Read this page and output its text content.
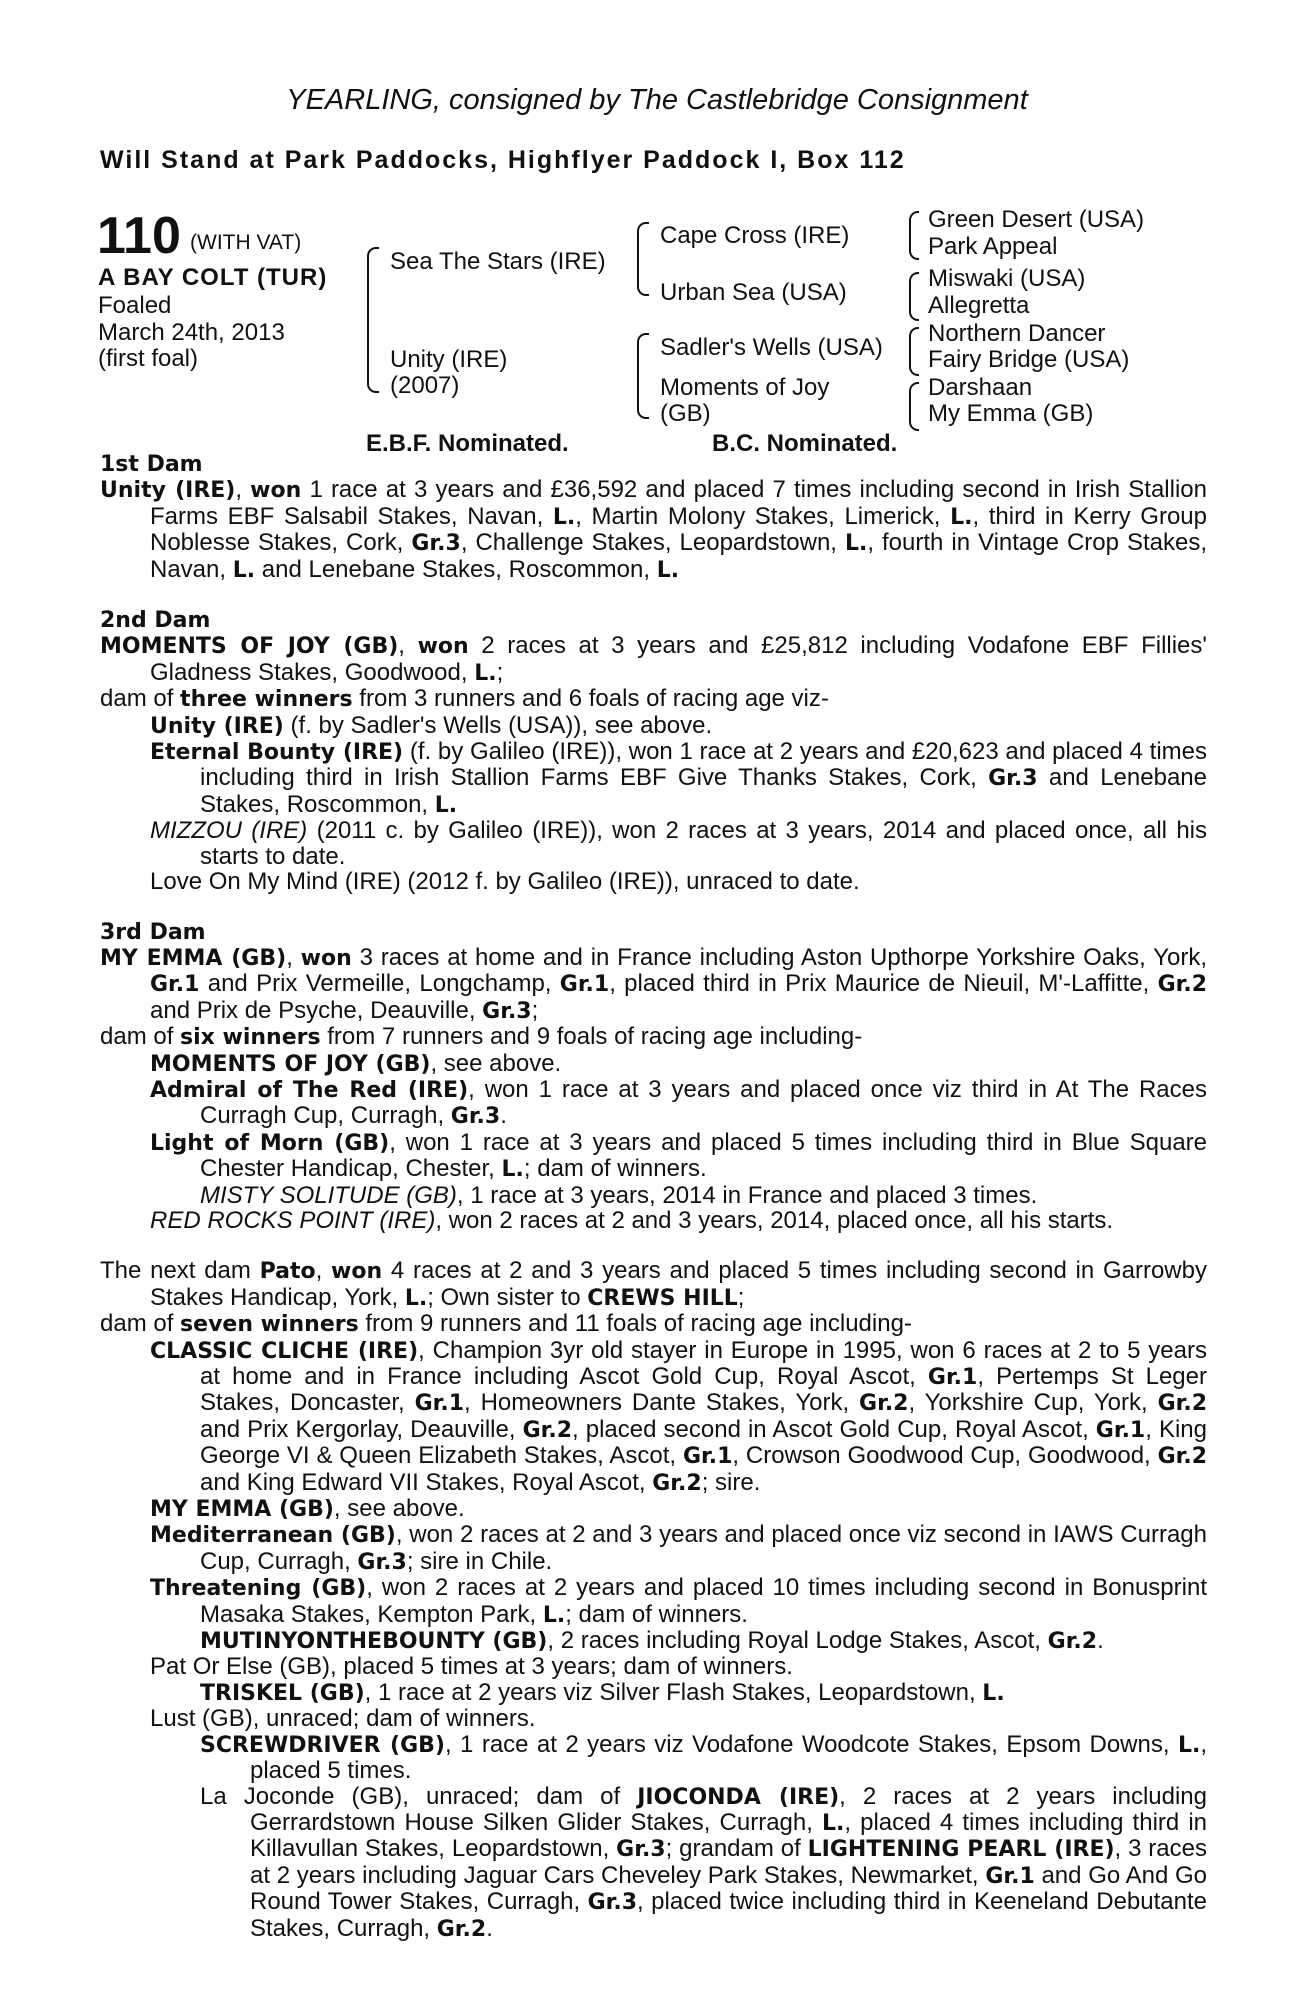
YEARLING, consigned by The Castlebridge Consignment
Will Stand at Park Paddocks, Highflyer Paddock I, Box 112
110 (WITH VAT)
A BAY COLT (TUR)
Foaled
March 24th, 2013
(first foal)
Sea The Stars (IRE)
Unity (IRE)
(2007)
Cape Cross (IRE)
Urban Sea (USA)
Sadler's Wells (USA)
Moments of Joy
(GB)
Green Desert (USA)
Park Appeal
Miswaki (USA)
Allegretta
Northern Dancer
Fairy Bridge (USA)
Darshaan
My Emma (GB)
E.B.F. Nominated.	B.C. Nominated.
1st Dam
Unity (IRE), won 1 race at 3 years and £36,592 and placed 7 times including second in Irish Stallion Farms EBF Salsabil Stakes, Navan, L., Martin Molony Stakes, Limerick, L., third in Kerry Group Noblesse Stakes, Cork, Gr.3, Challenge Stakes, Leopardstown, L., fourth in Vintage Crop Stakes, Navan, L. and Lenebane Stakes, Roscommon, L.
2nd Dam
MOMENTS OF JOY (GB), won 2 races at 3 years and £25,812 including Vodafone EBF Fillies' Gladness Stakes, Goodwood, L.;
dam of three winners from 3 runners and 6 foals of racing age viz-
Unity (IRE) (f. by Sadler's Wells (USA)), see above.
Eternal Bounty (IRE) (f. by Galileo (IRE)), won 1 race at 2 years and £20,623 and placed 4 times including third in Irish Stallion Farms EBF Give Thanks Stakes, Cork, Gr.3 and Lenebane Stakes, Roscommon, L.
MIZZOU (IRE) (2011 c. by Galileo (IRE)), won 2 races at 3 years, 2014 and placed once, all his starts to date.
Love On My Mind (IRE) (2012 f. by Galileo (IRE)), unraced to date.
3rd Dam
MY EMMA (GB), won 3 races at home and in France including Aston Upthorpe Yorkshire Oaks, York, Gr.1 and Prix Vermeille, Longchamp, Gr.1, placed third in Prix Maurice de Nieuil, M'-Laffitte, Gr.2 and Prix de Psyche, Deauville, Gr.3;
dam of six winners from 7 runners and 9 foals of racing age including-
MOMENTS OF JOY (GB), see above.
Admiral of The Red (IRE), won 1 race at 3 years and placed once viz third in At The Races Curragh Cup, Curragh, Gr.3.
Light of Morn (GB), won 1 race at 3 years and placed 5 times including third in Blue Square Chester Handicap, Chester, L.; dam of winners.
MISTY SOLITUDE (GB), 1 race at 3 years, 2014 in France and placed 3 times.
RED ROCKS POINT (IRE), won 2 races at 2 and 3 years, 2014, placed once, all his starts.
The next dam Pato, won 4 races at 2 and 3 years and placed 5 times including second in Garrowby Stakes Handicap, York, L.; Own sister to CREWS HILL;
dam of seven winners from 9 runners and 11 foals of racing age including-
CLASSIC CLICHE (IRE), Champion 3yr old stayer in Europe in 1995, won 6 races at 2 to 5 years at home and in France including Ascot Gold Cup, Royal Ascot, Gr.1, Pertemps St Leger Stakes, Doncaster, Gr.1, Homeowners Dante Stakes, York, Gr.2, Yorkshire Cup, York, Gr.2 and Prix Kergorlay, Deauville, Gr.2, placed second in Ascot Gold Cup, Royal Ascot, Gr.1, King George VI & Queen Elizabeth Stakes, Ascot, Gr.1, Crowson Goodwood Cup, Goodwood, Gr.2 and King Edward VII Stakes, Royal Ascot, Gr.2; sire.
MY EMMA (GB), see above.
Mediterranean (GB), won 2 races at 2 and 3 years and placed once viz second in IAWS Curragh Cup, Curragh, Gr.3; sire in Chile.
Threatening (GB), won 2 races at 2 years and placed 10 times including second in Bonusprint Masaka Stakes, Kempton Park, L.; dam of winners.
MUTINYONTHEBOUNTY (GB), 2 races including Royal Lodge Stakes, Ascot, Gr.2.
Pat Or Else (GB), placed 5 times at 3 years; dam of winners.
TRISKEL (GB), 1 race at 2 years viz Silver Flash Stakes, Leopardstown, L.
Lust (GB), unraced; dam of winners.
SCREWDRIVER (GB), 1 race at 2 years viz Vodafone Woodcote Stakes, Epsom Downs, L., placed 5 times.
La Joconde (GB), unraced; dam of JIOCONDA (IRE), 2 races at 2 years including Gerrardstown House Silken Glider Stakes, Curragh, L., placed 4 times including third in Killavullan Stakes, Leopardstown, Gr.3; grandam of LIGHTENING PEARL (IRE), 3 races at 2 years including Jaguar Cars Cheveley Park Stakes, Newmarket, Gr.1 and Go And Go Round Tower Stakes, Curragh, Gr.3, placed twice including third in Keeneland Debutante Stakes, Curragh, Gr.2.
